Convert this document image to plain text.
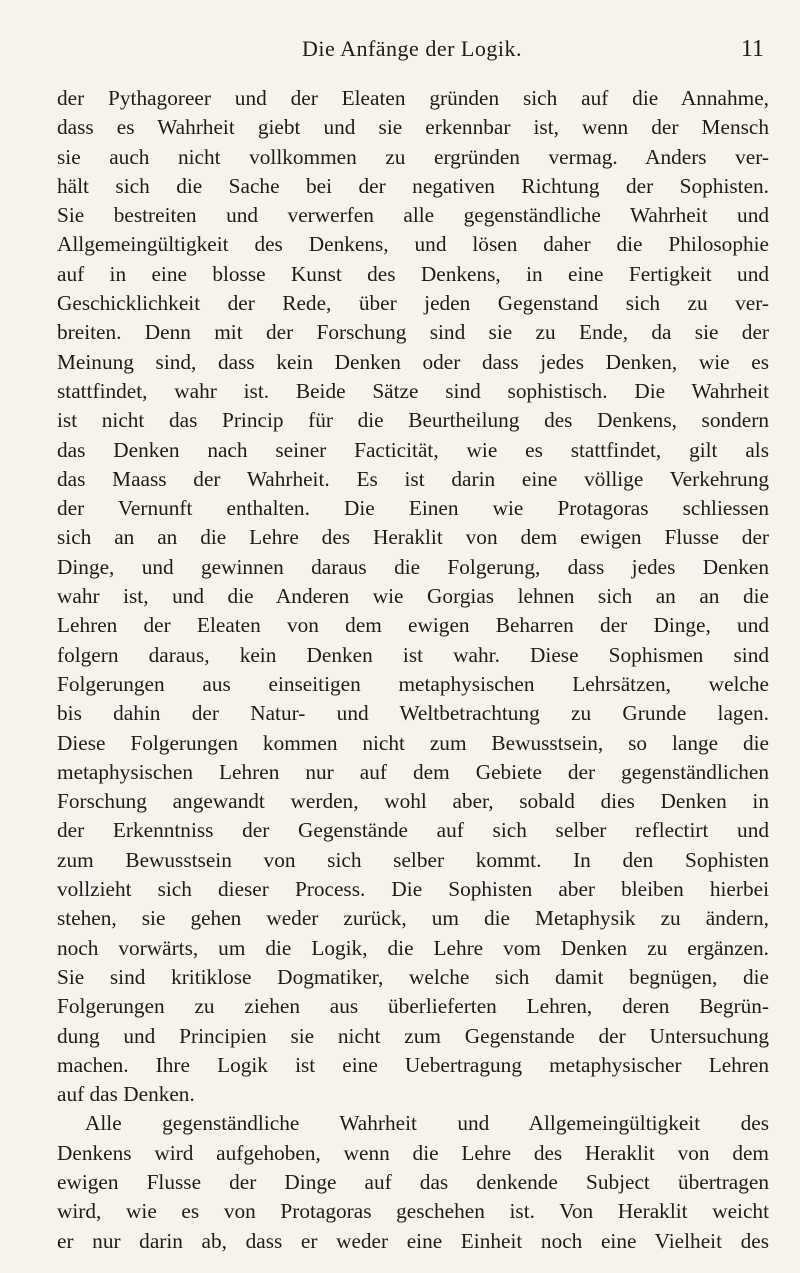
Die Anfänge der Logik.	11
der Pythagoreer und der Eleaten gründen sich auf die Annahme,
dass es Wahrheit giebt und sie erkennbar ist, wenn der Mensch
sie auch nicht vollkommen zu ergründen vermag. Anders ver-
hält sich die Sache bei der negativen Richtung der Sophisten.
Sie bestreiten und verwerfen alle gegenständliche Wahrheit und
Allgemeingültigkeit des Denkens, und lösen daher die Philosophie
auf in eine blosse Kunst des Denkens, in eine Fertigkeit und
Geschicklichkeit der Rede, über jeden Gegenstand sich zu ver-
breiten. Denn mit der Forschung sind sie zu Ende, da sie der
Meinung sind, dass kein Denken oder dass jedes Denken, wie es
stattfindet, wahr ist. Beide Sätze sind sophistisch. Die Wahrheit
ist nicht das Princip für die Beurtheilung des Denkens, sondern
das Denken nach seiner Facticität, wie es stattfindet, gilt als
das Maass der Wahrheit. Es ist darin eine völlige Verkehrung
der Vernunft enthalten. Die Einen wie Protagoras schliessen
sich an an die Lehre des Heraklit von dem ewigen Flusse der
Dinge, und gewinnen daraus die Folgerung, dass jedes Denken
wahr ist, und die Anderen wie Gorgias lehnen sich an an die
Lehren der Eleaten von dem ewigen Beharren der Dinge, und
folgern daraus, kein Denken ist wahr. Diese Sophismen sind
Folgerungen aus einseitigen metaphysischen Lehrsätzen, welche
bis dahin der Natur- und Weltbetrachtung zu Grunde lagen.
Diese Folgerungen kommen nicht zum Bewusstsein, so lange die
metaphysischen Lehren nur auf dem Gebiete der gegenständlichen
Forschung angewandt werden, wohl aber, sobald dies Denken in
der Erkenntniss der Gegenstände auf sich selber reflectirt und
zum Bewusstsein von sich selber kommt. In den Sophisten
vollzieht sich dieser Process. Die Sophisten aber bleiben hierbei
stehen, sie gehen weder zurück, um die Metaphysik zu ändern,
noch vorwärts, um die Logik, die Lehre vom Denken zu ergänzen.
Sie sind kritiklose Dogmatiker, welche sich damit begnügen, die
Folgerungen zu ziehen aus überlieferten Lehren, deren Begrün-
dung und Principien sie nicht zum Gegenstande der Untersuchung
machen. Ihre Logik ist eine Uebertragung metaphysischer Lehren
auf das Denken.
Alle gegenständliche Wahrheit und Allgemeingültigkeit des
Denkens wird aufgehoben, wenn die Lehre des Heraklit von dem
ewigen Flusse der Dinge auf das denkende Subject übertragen
wird, wie es von Protagoras geschehen ist. Von Heraklit weicht
er nur darin ab, dass er weder eine Einheit noch eine Vielheit des
